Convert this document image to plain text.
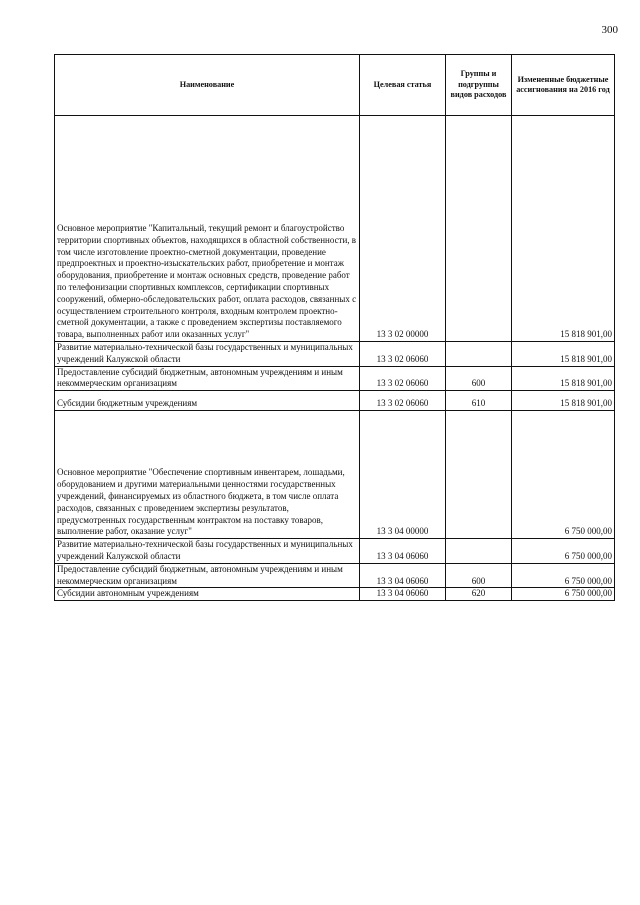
300
Наименование	Целевая статья	Группы и подгруппы видов расходов	Измененные бюджетные ассигнования на 2016 год
Основное мероприятие "Капитальный, текущий ремонт и благоустройство территории спортивных объектов, находящихся в областной собственности, в том числе изготовление проектно-сметной документации, проведение предпроектных и проектно-изыскательских работ, приобретение и монтаж оборудования, приобретение и монтаж основных средств, проведение работ по телефонизации спортивных комплексов, сертификации спортивных сооружений, обмерно-обследовательских работ, оплата расходов, связанных с осуществлением строительного контроля, входным контролем проектно-сметной документации, а также с проведением экспертизы поставляемого товара, выполненных работ или оказанных услуг"	13 3 02 00000		15 818 901,00
Развитие материально-технической базы государственных и муниципальных учреждений Калужской области	13 3 02 06060		15 818 901,00
Предоставление субсидий бюджетным, автономным учреждениям и иным некоммерческим организациям	13 3 02 06060	600	15 818 901,00
Субсидии бюджетным учреждениям	13 3 02 06060	610	15 818 901,00
Основное мероприятие "Обеспечение спортивным инвентарем, лошадьми, оборудованием и другими материальными ценностями государственных учреждений, финансируемых из областного бюджета, в том числе оплата расходов, связанных с проведением экспертизы результатов, предусмотренных государственным контрактом на поставку товаров, выполнение работ, оказание услуг"	13 3 04 00000		6 750 000,00
Развитие материально-технической базы государственных и муниципальных учреждений Калужской области	13 3 04 06060		6 750 000,00
Предоставление субсидий бюджетным, автономным учреждениям и иным некоммерческим организациям	13 3 04 06060	600	6 750 000,00
Субсидии автономным учреждениям	13 3 04 06060	620	6 750 000,00
